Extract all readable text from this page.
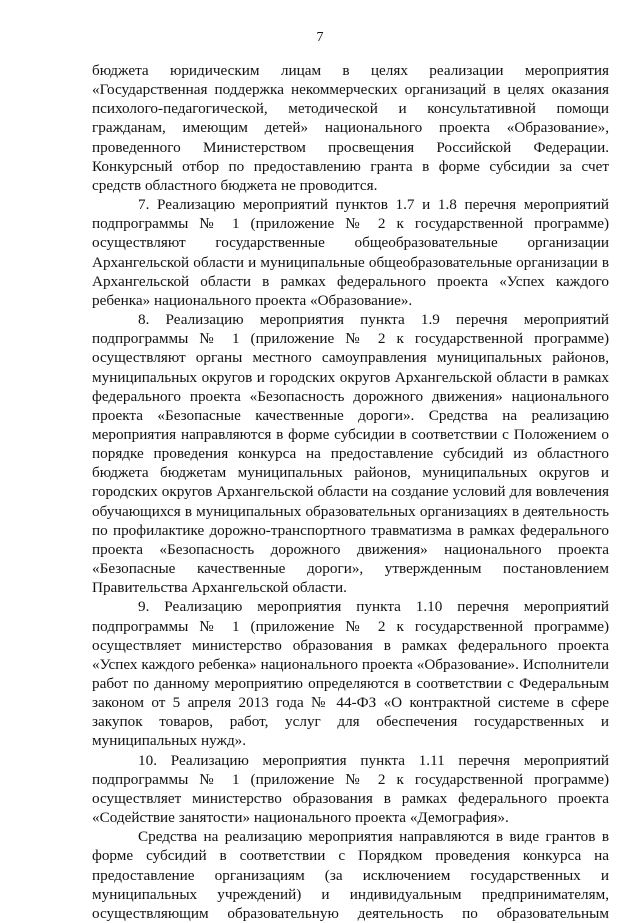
7

бюджета юридическим лицам в целях реализации мероприятия «Государственная поддержка некоммерческих организаций в целях оказания психолого-педагогической, методической и консультативной помощи гражданам, имеющим детей» национального проекта «Образование», проведенного Министерством просвещения Российской Федерации. Конкурсный отбор по предоставлению гранта в форме субсидии за счет средств областного бюджета не проводится.

7. Реализацию мероприятий пунктов 1.7 и 1.8 перечня мероприятий подпрограммы № 1 (приложение № 2 к государственной программе) осуществляют государственные общеобразовательные организации Архангельской области и муниципальные общеобразовательные организации в Архангельской области в рамках федерального проекта «Успех каждого ребенка» национального проекта «Образование».

8. Реализацию мероприятия пункта 1.9 перечня мероприятий подпрограммы № 1 (приложение № 2 к государственной программе) осуществляют органы местного самоуправления муниципальных районов, муниципальных округов и городских округов Архангельской области в рамках федерального проекта «Безопасность дорожного движения» национального проекта «Безопасные качественные дороги». Средства на реализацию мероприятия направляются в форме субсидии в соответствии с Положением о порядке проведения конкурса на предоставление субсидий из областного бюджета бюджетам муниципальных районов, муниципальных округов и городских округов Архангельской области на создание условий для вовлечения обучающихся в муниципальных образовательных организациях в деятельность по профилактике дорожно-транспортного травматизма в рамках федерального проекта «Безопасность дорожного движения» национального проекта «Безопасные качественные дороги», утвержденным постановлением Правительства Архангельской области.

9. Реализацию мероприятия пункта 1.10 перечня мероприятий подпрограммы № 1 (приложение № 2 к государственной программе) осуществляет министерство образования в рамках федерального проекта «Успех каждого ребенка» национального проекта «Образование». Исполнители работ по данному мероприятию определяются в соответствии с Федеральным законом от 5 апреля 2013 года № 44-ФЗ «О контрактной системе в сфере закупок товаров, работ, услуг для обеспечения государственных и муниципальных нужд».

10. Реализацию мероприятия пункта 1.11 перечня мероприятий подпрограммы № 1 (приложение № 2 к государственной программе) осуществляет министерство образования в рамках федерального проекта «Содействие занятости» национального проекта «Демография».

Средства на реализацию мероприятия направляются в виде грантов в форме субсидий в соответствии с Порядком проведения конкурса на предоставление организациям (за исключением государственных и муниципальных учреждений) и индивидуальным предпринимателям, осуществляющим образовательную деятельность по образовательным
